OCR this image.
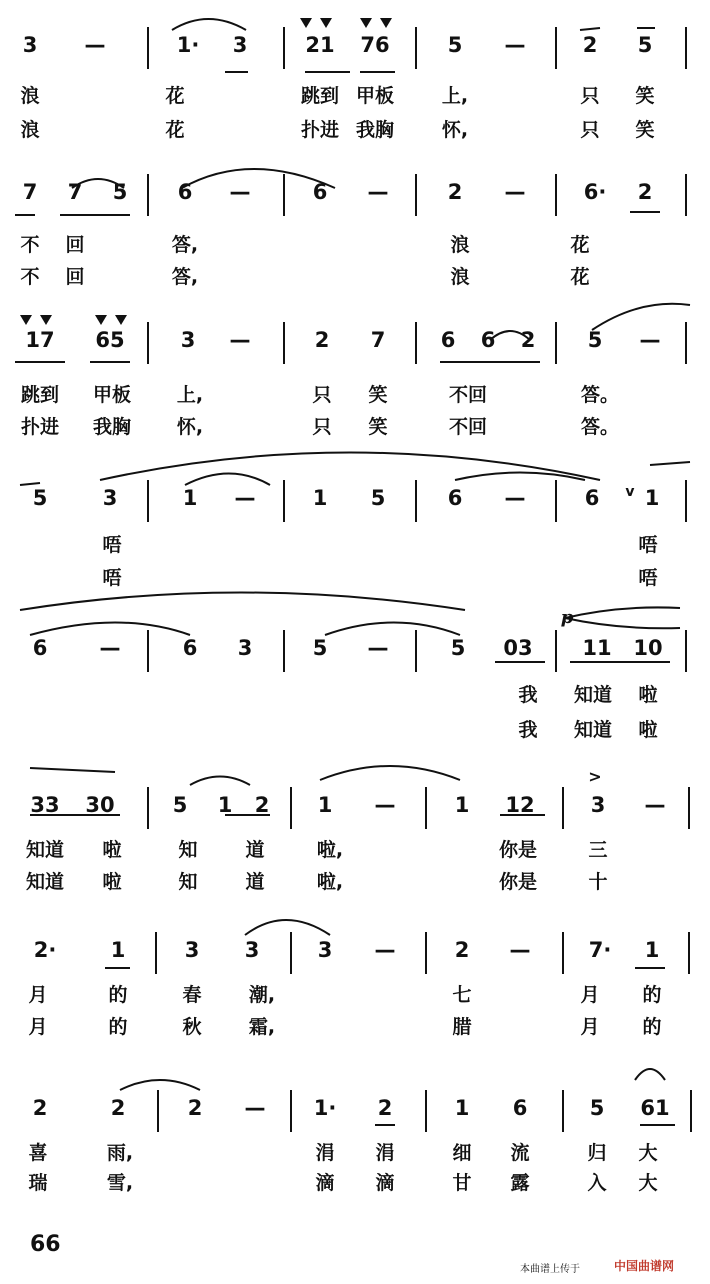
3 —	1· 3	21 76	5 —	2 5
浪	花	跳到 甲板	上,	只 笑
浪	花	扑进 我胸	怀,	只 笑
7 7 5 6 —	6 —	2 —	6· 2
不 回	答,	浪	花
不 回	答,	浪	花
17 65	3 —	2 7	6 6 2 5 —
跳到 甲板 上,	只 笑	不回	答。
扑进 我胸 怀,	只 笑	不回	答。
5	3	1 —	1 5	6 —	6 v 1
唔	唔
唔	唔
p
6 —	6 3	5 —	5 03 11 10
我 知道 啦
我 知道 啦
>
33 30	5 1 2 1 —	1 12	3 —
知道 啦	知	道	啦,	你是	三
知道 啦	知	道	啦,	你是	十
2·	1	3 3	3 —	2 —	7· 1
月	的	春 潮,	七	月 的
月	的	秋 霜,	腊	月 的
2	2	2 — 1· 2	1 6	5 61
喜	雨,	涓 涓	细 流	归 大
瑞	雪,	滴 滴	甘 露	入 大
66
本曲谱上传于	中国曲谱网
